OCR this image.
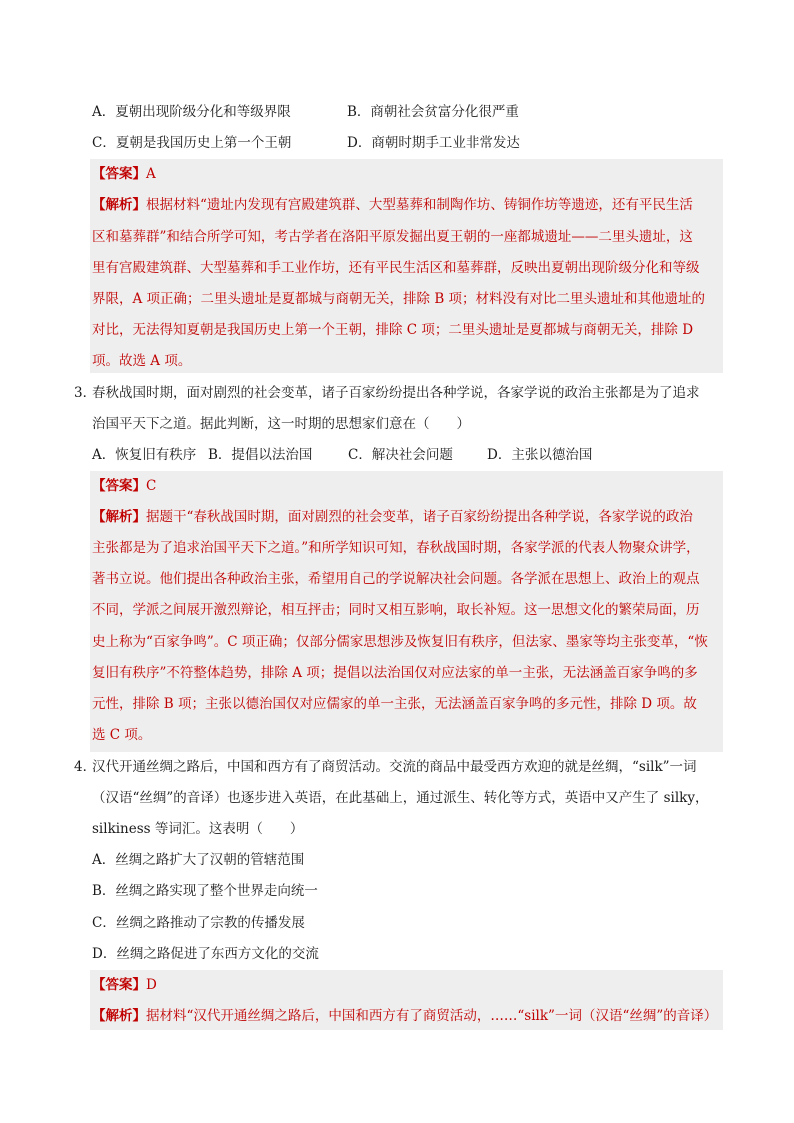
A．夏朝出现阶级分化和等级界限	B．商朝社会贫富分化很严重
C．夏朝是我国历史上第一个王朝	D．商朝时期手工业非常发达
【答案】A
【解析】根据材料“遗址内发现有宫殿建筑群、大型墓葬和制陶作坊、铸铜作坊等遗迹，还有平民生活
区和墓葬群”和结合所学可知，考古学者在洛阳平原发掘出夏王朝的一座都城遗址——二里头遗址，这
里有宫殿建筑群、大型墓葬和手工业作坊，还有平民生活区和墓葬群，反映出夏朝出现阶级分化和等级
界限，A 项正确；二里头遗址是夏都城与商朝无关，排除 B 项；材料没有对比二里头遗址和其他遗址的
对比，无法得知夏朝是我国历史上第一个王朝，排除 C 项；二里头遗址是夏都城与商朝无关，排除 D
项。故选 A 项。
3．
春秋战国时期，面对剧烈的社会变革，诸子百家纷纷提出各种学说，各家学说的政治主张都是为了追求
治国平天下之道。据此判断，这一时期的思想家们意在（　　）
A．恢复旧有秩序 B．提倡以法治国	C．解决社会问题	D．主张以德治国
【答案】C
【解析】据题干“春秋战国时期，面对剧烈的社会变革，诸子百家纷纷提出各种学说，各家学说的政治
主张都是为了追求治国平天下之道。”和所学知识可知，春秋战国时期，各家学派的代表人物聚众讲学，
著书立说。他们提出各种政治主张，希望用自己的学说解决社会问题。各学派在思想上、政治上的观点
不同，学派之间展开激烈辩论，相互抨击；同时又相互影响，取长补短。这一思想文化的繁荣局面，历
史上称为“百家争鸣”。C 项正确；仅部分儒家思想涉及恢复旧有秩序，但法家、墨家等均主张变革，“恢
复旧有秩序”不符整体趋势，排除 A 项；提倡以法治国仅对应法家的单一主张，无法涵盖百家争鸣的多
元性，排除 B 项；主张以德治国仅对应儒家的单一主张，无法涵盖百家争鸣的多元性，排除 D 项。故
选 C 项。
4．
汉代开通丝绸之路后，中国和西方有了商贸活动。交流的商品中最受西方欢迎的就是丝绸，“silk”一词
（汉语“丝绸”的音译）也逐步进入英语，在此基础上，通过派生、转化等方式，英语中又产生了 silky，
silkiness 等词汇。这表明（　　）
A．丝绸之路扩大了汉朝的管辖范围
B．丝绸之路实现了整个世界走向统一
C．丝绸之路推动了宗教的传播发展
D．丝绸之路促进了东西方文化的交流
【答案】D
【解析】据材料“汉代开通丝绸之路后，中国和西方有了商贸活动，……“silk”一词（汉语“丝绸”的音译）
